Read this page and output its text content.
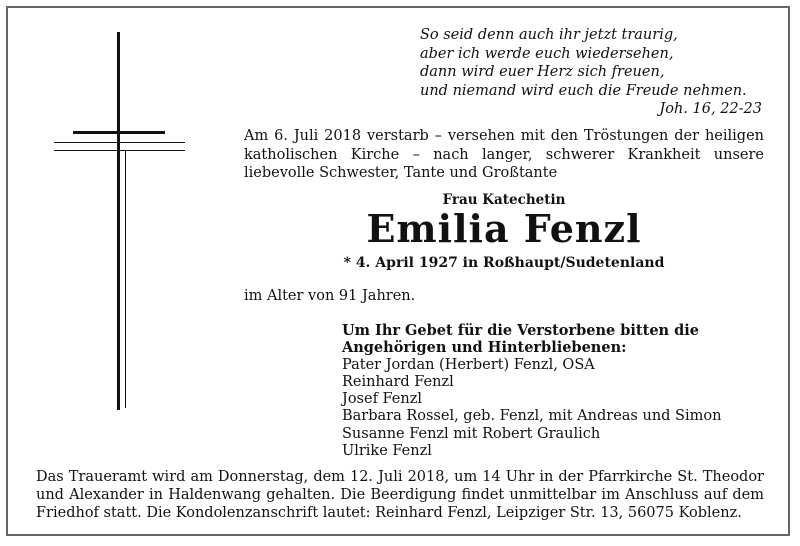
So seid denn auch ihr jetzt traurig,
aber ich werde euch wiedersehen,
dann wird euer Herz sich freuen,
und niemand wird euch die Freude nehmen.
Joh. 16, 22-23
Am 6. Juli 2018 verstarb – versehen mit den Tröstungen der heiligen katholischen Kirche – nach langer, schwerer Krankheit unsere liebevolle Schwester, Tante und Großtante
Frau Katechetin
Emilia Fenzl
* 4. April 1927 in Roßhaupt/Sudetenland
im Alter von 91 Jahren.
Um Ihr Gebet für die Verstorbene bitten die Angehörigen und Hinterbliebenen:
Pater Jordan (Herbert) Fenzl, OSA
Reinhard Fenzl
Josef Fenzl
Barbara Rossel, geb. Fenzl, mit Andreas und Simon
Susanne Fenzl mit Robert Graulich
Ulrike Fenzl
Das Traueramt wird am Donnerstag, dem 12. Juli 2018, um 14 Uhr in der Pfarrkirche St. Theodor und Alexander in Haldenwang gehalten. Die Beerdigung findet unmittelbar im Anschluss auf dem Friedhof statt. Die Kondolenzanschrift lautet: Reinhard Fenzl, Leipziger Str. 13, 56075 Koblenz.
